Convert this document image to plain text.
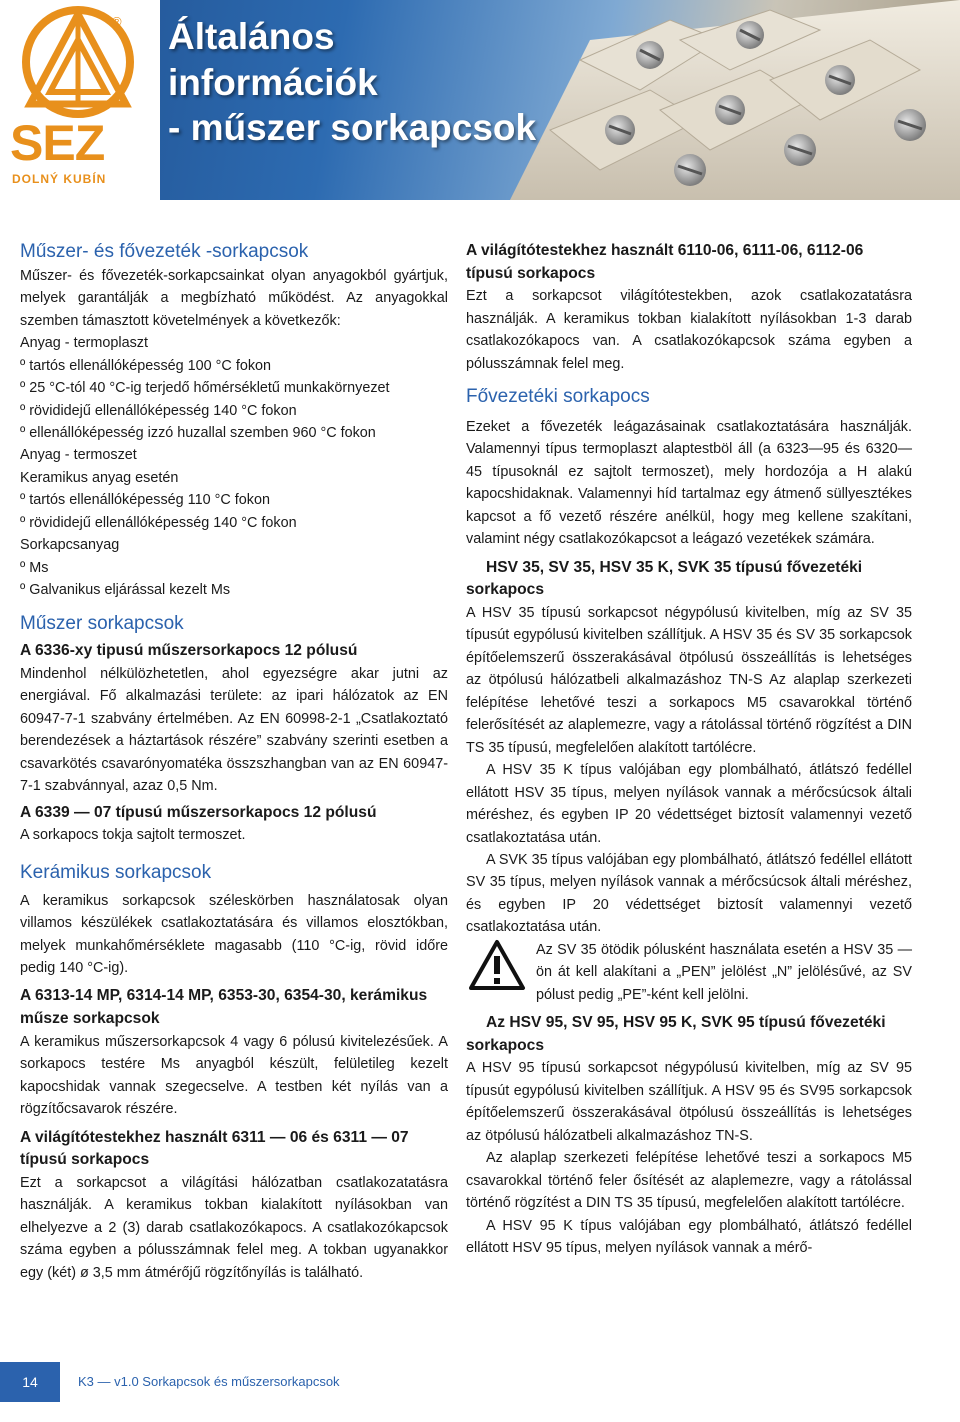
®
SEZ
DOLNÝ KUBÍN
Általános
információk
- műszer sorkapcsok
Műszer- és fővezeték -sorkapcsok

Műszer- és fővezeték-sorkapcsainkat olyan anyagokból gyártjuk, melyek garantálják a megbízható működést. Az anyagokkal szemben támasztott követelmények a következők:

Anyag - termoplaszt

º tartós ellenállóképesség 100 °C fokon

º 25 °C-tól 40 °C-ig terjedő hőmérsékletű munkakörnyezet

º rövididejű ellenállóképesség 140 °C fokon

º ellenállóképesség izzó huzallal szemben 960 °C fokon

Anyag - termoszet

Keramikus anyag esetén

º tartós ellenállóképesség 110 °C fokon

º rövididejű ellenállóképesség 140 °C fokon

Sorkapcsanyag

º Ms

º Galvanikus eljárással kezelt Ms

Műszer sorkapcsok

A 6336-xy tipusú műszersorkapocs 12 pólusú

Mindenhol nélkülözhetetlen, ahol egyezségre akar jutni az energiával. Fő alkalmazási területe: az ipari hálózatok az EN 60947-7-1 szabvány értelmében. Az EN 60998-2-1 „Csatlakoztató berendezések a háztartások részére” szabvány szerinti esetben a csavarkötés csavarónyomatéka összszhangban van az EN 60947-7-1 szabvánnyal, azaz 0,5 Nm.

A 6339 — 07 típusú műszersorkapocs 12 pólusú

A sorkapocs tokja sajtolt termoszet.

Kerámikus sorkapcsok

A keramikus sorkapcsok széleskörben használatosak olyan villamos készülékek csatlakoztatására és villamos elosztókban, melyek munkahőmérséklete magasabb (110 °C-ig, rövid időre pedig 140 °C-ig).

A 6313-14 MP, 6314-14 MP, 6353-30, 6354-30, kerámikus műsze sorkapcsok

A keramikus műszersorkapcsok 4 vagy 6 pólusú kivitelezésűek. A sorkapocs testére Ms anyagból készült, felületileg kezelt kapocshidak vannak szegecselve. A testben két nyílás van a rögzítőcsavarok részére.

A világítótestekhez használt 6311 — 06 és 6311 — 07 típusú sorkapocs

Ezt a sorkapcsot a világítási hálózatban csatlakozatatásra használják. A keramikus tokban kialakított nyílásokban van elhelyezve a 2 (3) darab csatlakozókapocs. A csatlakozókapcsok száma egyben a pólusszámnak felel meg. A tokban ugyanakkor egy (két) ø 3,5 mm átmérőjű rögzítőnyílás is található.

A világítótestekhez használt 6110-06, 6111-06, 6112-06 típusú sorkapocs

Ezt a sorkapcsot világítótestekben, azok csatlakozatatásra használják. A keramikus tokban kialakított nyílásokban 1-3 darab csatlakozókapocs van. A csatlakozókapcsok száma egyben a pólusszámnak felel meg.

Fővezetéki sorkapocs

Ezeket a fővezeték leágazásainak csatlakoztatására használják. Valamennyi típus termoplaszt alaptestböl áll (a 6323—95 és 6320—45 típusoknál ez sajtolt termoszet), mely hordozója a H alakú kapocshidaknak. Valamennyi híd tartalmaz egy átmenő süllyesztékes kapcsot a fő vezető részére anélkül, hogy meg kellene szakítani, valamint négy csatlakozókapcsot a leágazó vezetékek számára.

HSV 35, SV 35, HSV 35 K, SVK 35 típusú fővezetéki sorkapocs

A HSV 35 típusú sorkapcsot négypólusú kivitelben, míg az SV 35 típusút egypólusú kivitelben szállítjuk. A HSV 35 és SV 35 sorkapcsok építőelemszerű összerakásával ötpólusú összeállítás is lehetséges az ötpólusú hálózatbeli alkalmazáshoz TN-S Az alaplap szerkezeti felépítése lehetővé teszi a sorkapocs M5 csavarokkal történő felerősítését az alaplemezre, vagy a rátolással történő rögzítést a DIN TS 35 típusú, megfelelően alakított tartólécre.

A HSV 35 K típus valójában egy plombálható, átlátszó fedéllel ellátott HSV 35 típus, melyen nyílások vannak a mérőcsúcsok általi méréshez, és egyben IP 20 védettséget biztosít valamennyi vezető csatlakoztatása után.

A SVK 35 típus valójában egy plombálható, átlátszó fedéllel ellátott SV 35 típus, melyen nyílások vannak a mérőcsúcsok általi méréshez, és egyben IP 20 védettséget biztosít valamennyi vezető csatlakoztatása után.

Az SV 35 ötödik pólusként használata esetén a HSV 35 — ön át kell alakítani a „PEN” jelölést „N” jelölésűvé, az SV pólust pedig „PE”-ként kell jelölni.

Az HSV 95, SV 95, HSV 95 K, SVK 95 típusú fővezetéki sorkapocs

A HSV 95 típusú sorkapcsot négypólusú kivitelben, míg az SV 95 típusút egypólusú kivitelben szállítjuk. A HSV 95 és SV95 sorkapcsok építőelemszerű összerakásával ötpólusú összeállítás is lehetséges az ötpólusú hálózatbeli alkalmazáshoz TN-S.

Az alaplap szerkezeti felépítése lehetővé teszi a sorkapocs M5 csavarokkal történő feler ősítését az alaplemezre, vagy a rátolással történő rögzítést a DIN TS 35 típusú, megfelelően alakított tartólécre.

A HSV 95 K típus valójában egy plombálható, átlátszó fedéllel ellátott HSV 95 típus, melyen nyílások vannak a mérő-

14	K3 — v1.0 Sorkapcsok és műszersorkapcsok
